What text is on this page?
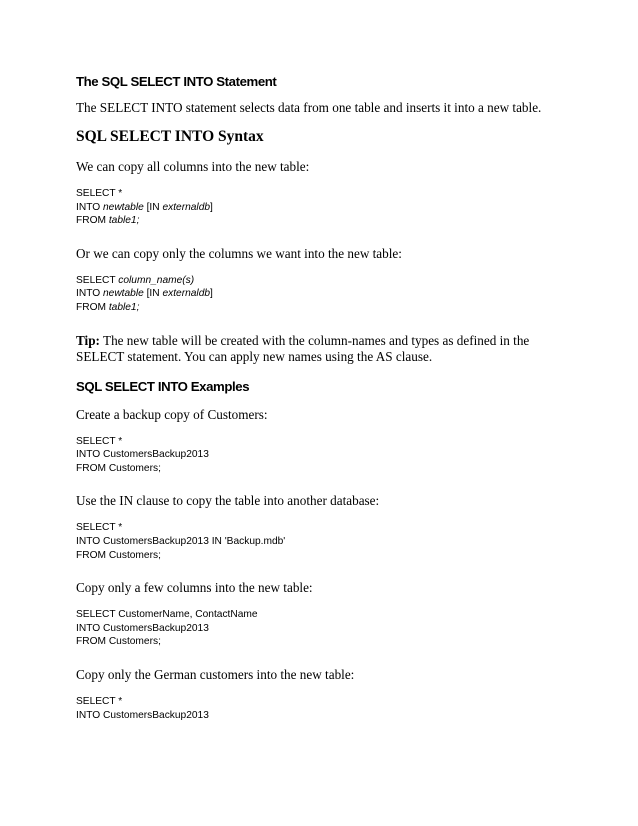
The SQL SELECT INTO Statement

The SELECT INTO statement selects data from one table and inserts it into a new table.

SQL SELECT INTO Syntax

We can copy all columns into the new table:

SELECT *
INTO newtable [IN externaldb]
FROM table1;

Or we can copy only the columns we want into the new table:

SELECT column_name(s)
INTO newtable [IN externaldb]
FROM table1;

Tip: The new table will be created with the column-names and types as defined in the SELECT statement. You can apply new names using the AS clause.

SQL SELECT INTO Examples

Create a backup copy of Customers:

SELECT *
INTO CustomersBackup2013
FROM Customers;

Use the IN clause to copy the table into another database:

SELECT *
INTO CustomersBackup2013 IN 'Backup.mdb'
FROM Customers;

Copy only a few columns into the new table:

SELECT CustomerName, ContactName
INTO CustomersBackup2013
FROM Customers;

Copy only the German customers into the new table:

SELECT *
INTO CustomersBackup2013
